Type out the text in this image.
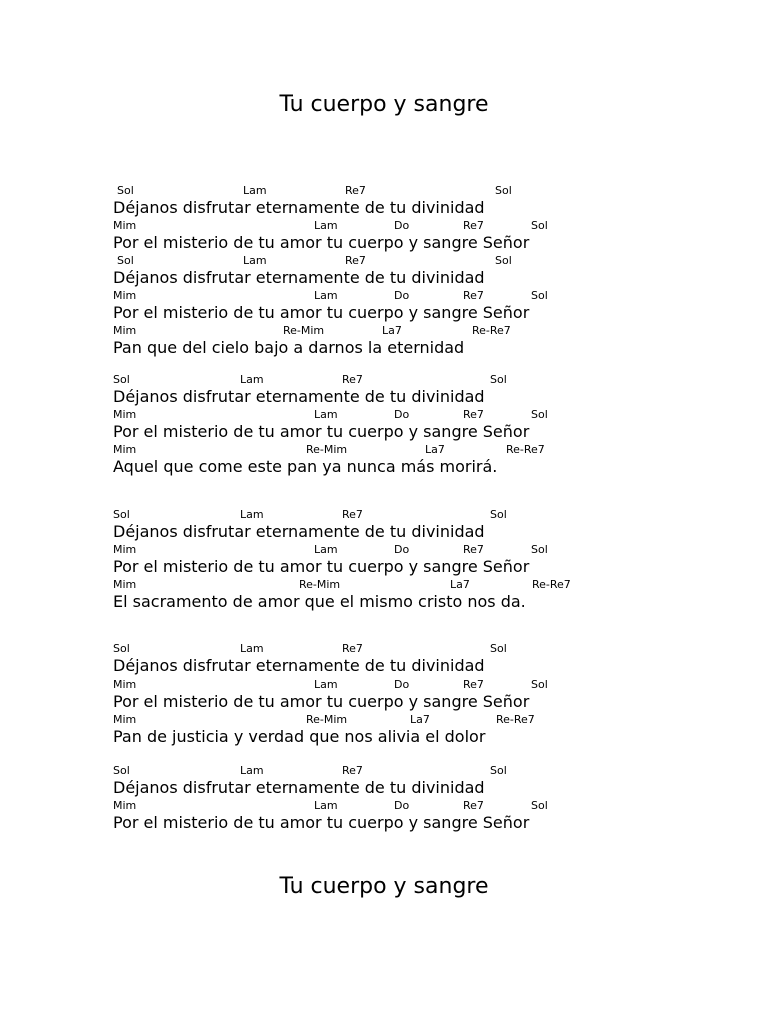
Tu cuerpo y sangre
Sol	Lam	Re7	Sol
Déjanos disfrutar eternamente de tu divinidad
Mim	Lam	Do	Re7	Sol
Por el misterio de tu amor tu cuerpo y sangre Señor
Sol	Lam	Re7	Sol
Déjanos disfrutar eternamente de tu divinidad
Mim	Lam	Do	Re7	Sol
Por el misterio de tu amor tu cuerpo y sangre Señor
Mim	Re-Mim	La7	Re-Re7
Pan que del cielo bajo a darnos la eternidad
Sol	Lam	Re7	Sol
Déjanos disfrutar eternamente de tu divinidad
Mim	Lam	Do	Re7	Sol
Por el misterio de tu amor tu cuerpo y sangre Señor
Mim	Re-Mim	La7	Re-Re7
Aquel que come este pan ya nunca más morirá.
Sol	Lam	Re7	Sol
Déjanos disfrutar eternamente de tu divinidad
Mim	Lam	Do	Re7	Sol
Por el misterio de tu amor tu cuerpo y sangre Señor
Mim	Re-Mim	La7	Re-Re7
El sacramento de amor que el mismo cristo nos da.
Sol	Lam	Re7	Sol
Déjanos disfrutar eternamente de tu divinidad
Mim	Lam	Do	Re7	Sol
Por el misterio de tu amor tu cuerpo y sangre Señor
Mim	Re-Mim	La7	Re-Re7
Pan de justicia y verdad que nos alivia el dolor
Sol	Lam	Re7	Sol
Déjanos disfrutar eternamente de tu divinidad
Mim	Lam	Do	Re7	Sol
Por el misterio de tu amor tu cuerpo y sangre Señor
Tu cuerpo y sangre
